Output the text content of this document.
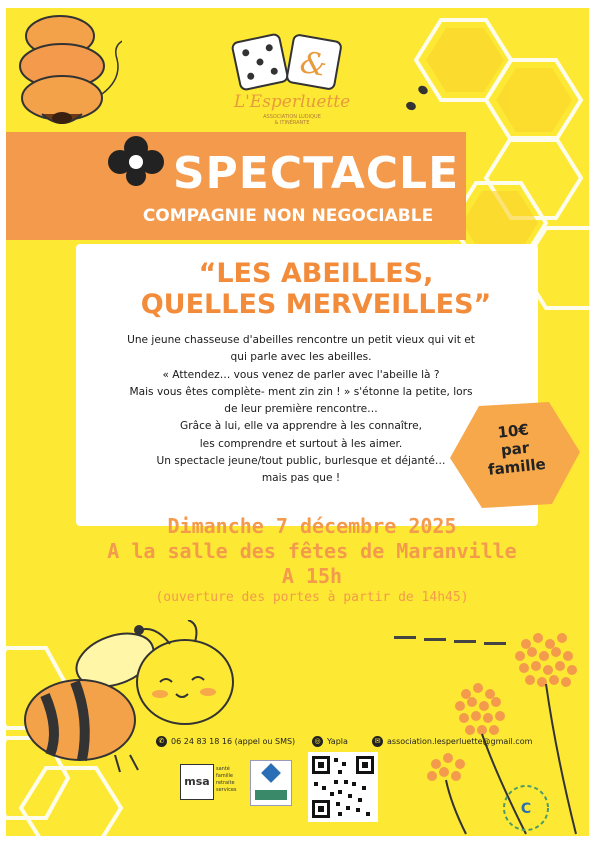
&
L'Esperluette
ASSOCIATION LUDIQUE
& ITINÉRANTE
SPECTACLE
COMPAGNIE NON NEGOCIABLE
“LES ABEILLES,
QUELLES MERVEILLES”
Une jeune chasseuse d'abeilles rencontre un petit vieux qui vit et
qui parle avec les abeilles.
« Attendez… vous venez de parler avec l'abeille là ?
Mais vous êtes complète- ment zin zin ! » s'étonne la petite, lors
de leur première rencontre…
Grâce à lui, elle va apprendre à les connaître,
les comprendre et surtout à les aimer.
Un spectacle jeune/tout public, burlesque et déjanté…
mais pas que !
10€
par
famille
Dimanche 7 décembre 2025
A la salle des fêtes de Maranville
A 15h
(ouverture des portes à partir de 14h45)
✆ 06 24 83 18 16 (appel ou SMS)	◎ Yapla	✉ association.lesperluette@gmail.com
msa
santé
famille
retraite
services
C
